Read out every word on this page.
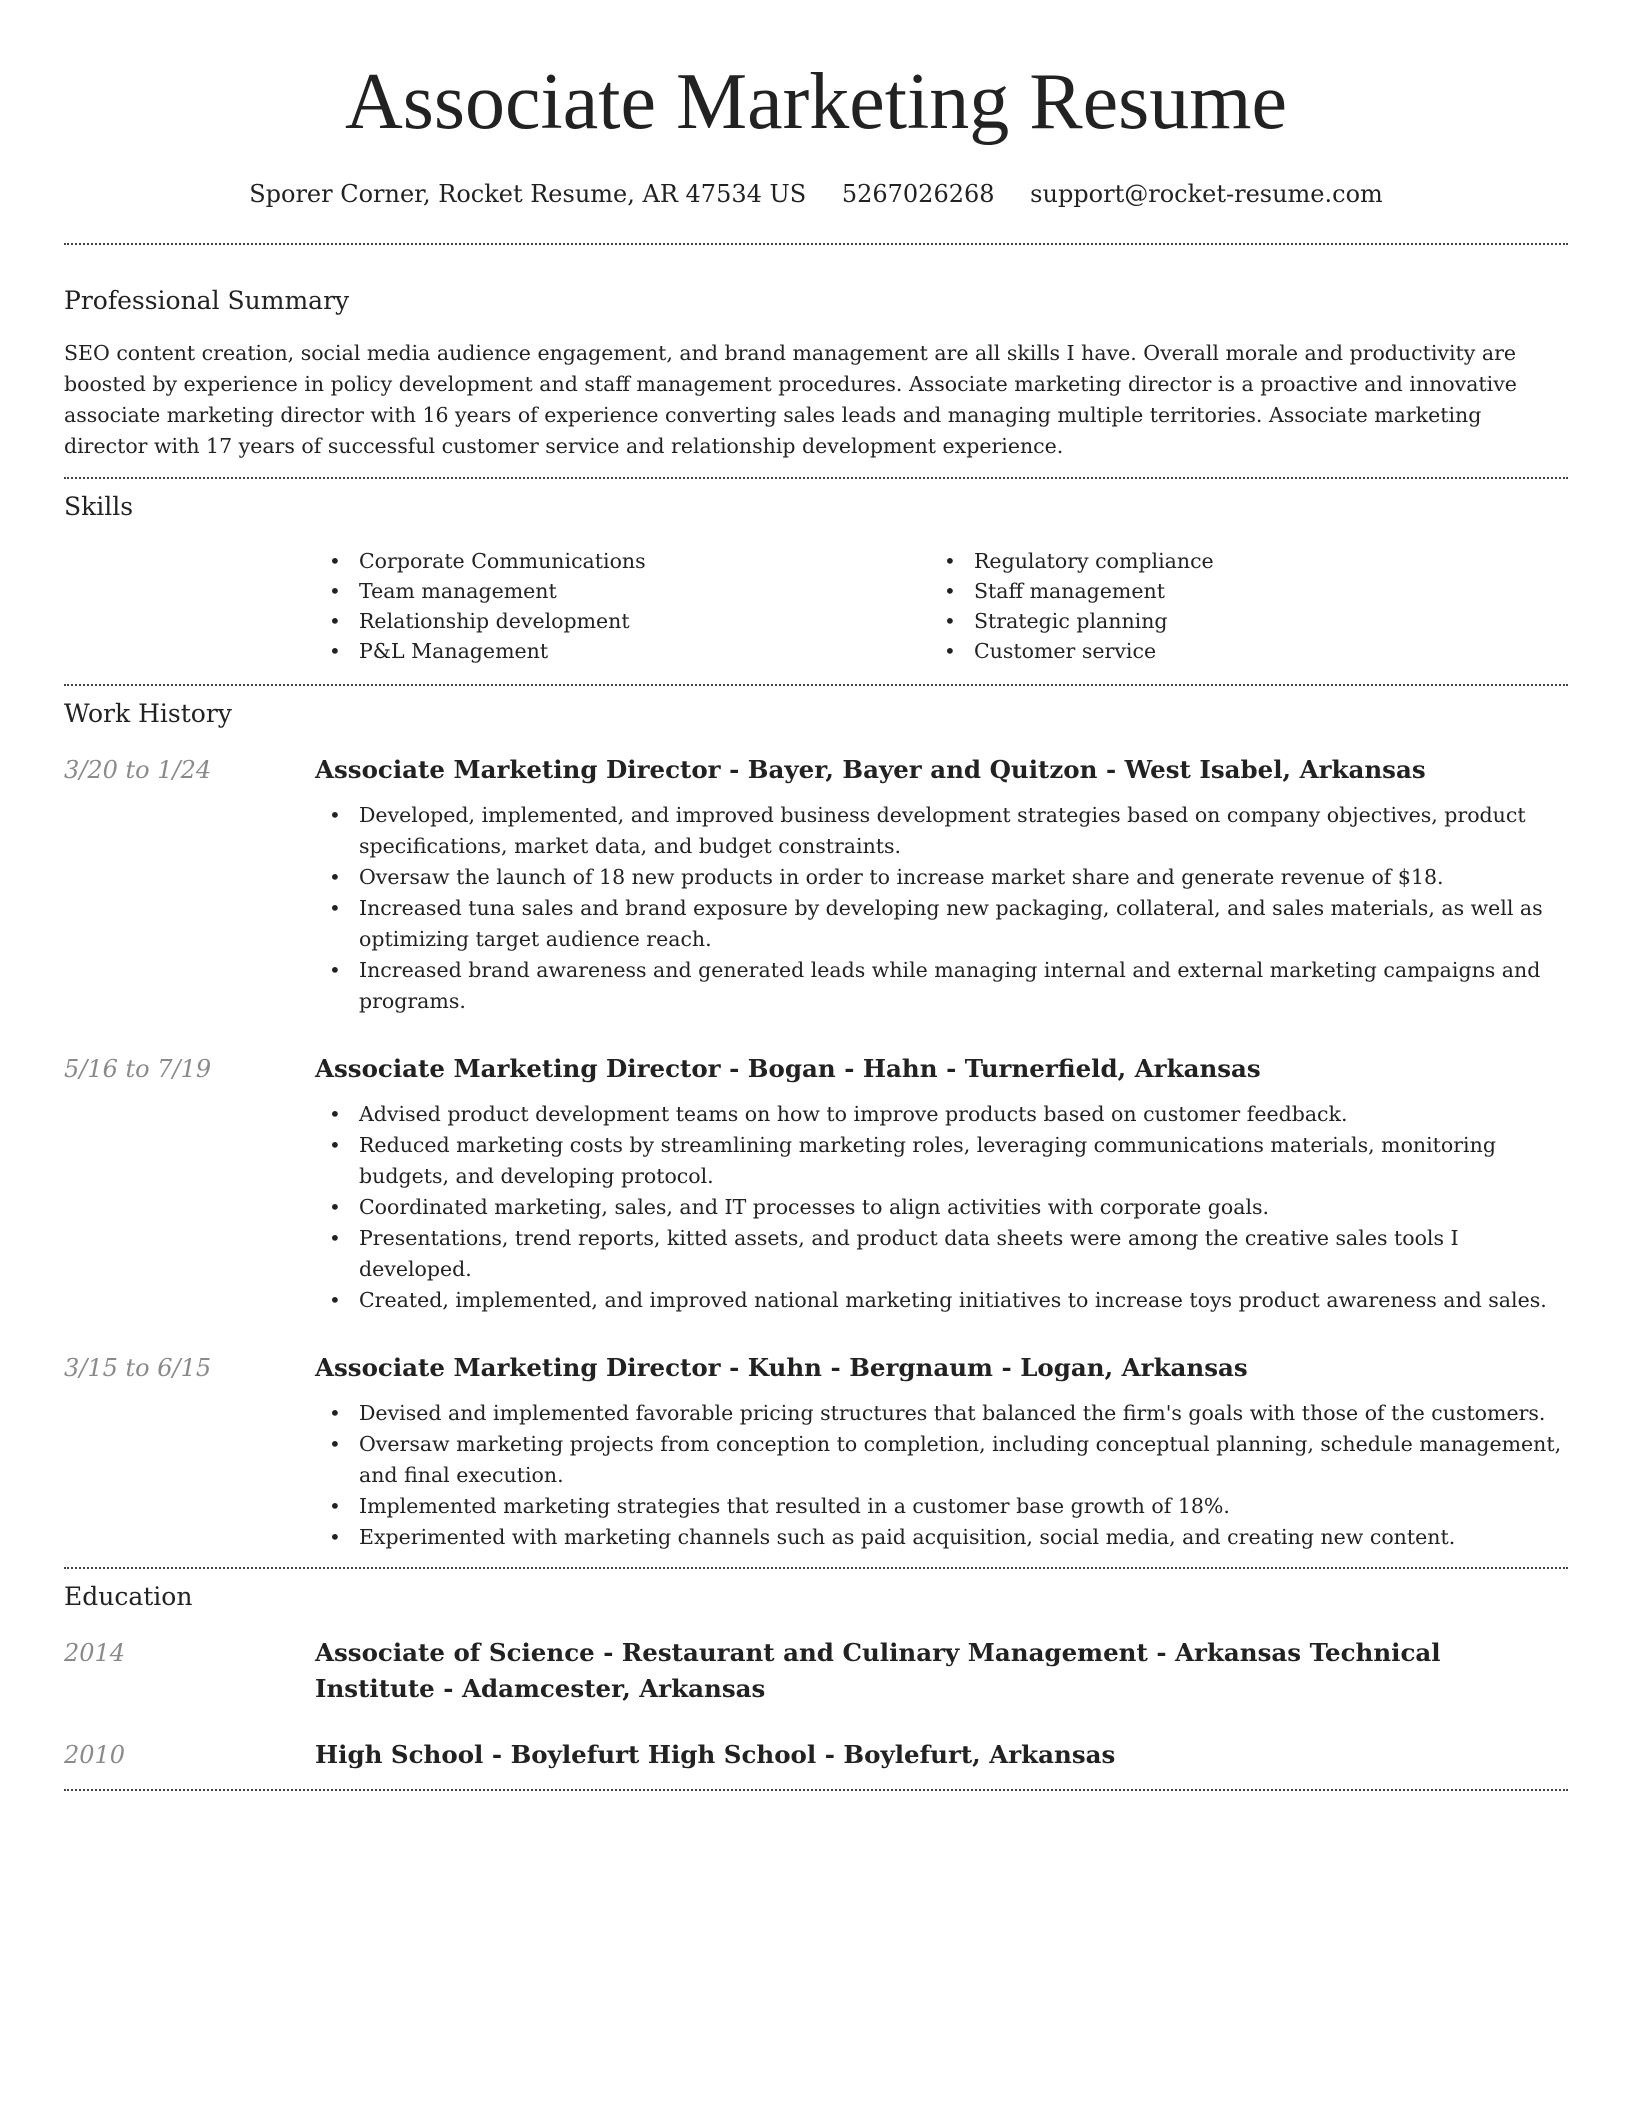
Associate Marketing Resume
Sporer Corner, Rocket Resume, AR 47534 US 5267026268 support@rocket-resume.com
Professional Summary

SEO content creation, social media audience engagement, and brand management are all skills I have. Overall morale and productivity are boosted by experience in policy development and staff management procedures. Associate marketing director is a proactive and innovative associate marketing director with 16 years of experience converting sales leads and managing multiple territories. Associate marketing director with 17 years of successful customer service and relationship development experience.

Skills
• Corporate Communications
• Team management
• Relationship development
• P&L Management
• Regulatory compliance
• Staff management
• Strategic planning
• Customer service
Work History
3/20 to 1/24	Associate Marketing Director - Bayer, Bayer and Quitzon - West Isabel, Arkansas
• Developed, implemented, and improved business development strategies based on company objectives, product specifications, market data, and budget constraints.
• Oversaw the launch of 18 new products in order to increase market share and generate revenue of $18.
• Increased tuna sales and brand exposure by developing new packaging, collateral, and sales materials, as well as optimizing target audience reach.
• Increased brand awareness and generated leads while managing internal and external marketing campaigns and programs.
5/16 to 7/19	Associate Marketing Director - Bogan - Hahn - Turnerfield, Arkansas
• Advised product development teams on how to improve products based on customer feedback.
• Reduced marketing costs by streamlining marketing roles, leveraging communications materials, monitoring budgets, and developing protocol.
• Coordinated marketing, sales, and IT processes to align activities with corporate goals.
• Presentations, trend reports, kitted assets, and product data sheets were among the creative sales tools I developed.
• Created, implemented, and improved national marketing initiatives to increase toys product awareness and sales.
3/15 to 6/15	Associate Marketing Director - Kuhn - Bergnaum - Logan, Arkansas
• Devised and implemented favorable pricing structures that balanced the firm's goals with those of the customers.
• Oversaw marketing projects from conception to completion, including conceptual planning, schedule management, and final execution.
• Implemented marketing strategies that resulted in a customer base growth of 18%.
• Experimented with marketing channels such as paid acquisition, social media, and creating new content.
Education
2014	Associate of Science - Restaurant and Culinary Management - Arkansas Technical Institute - Adamcester, Arkansas
2010	High School - Boylefurt High School - Boylefurt, Arkansas
